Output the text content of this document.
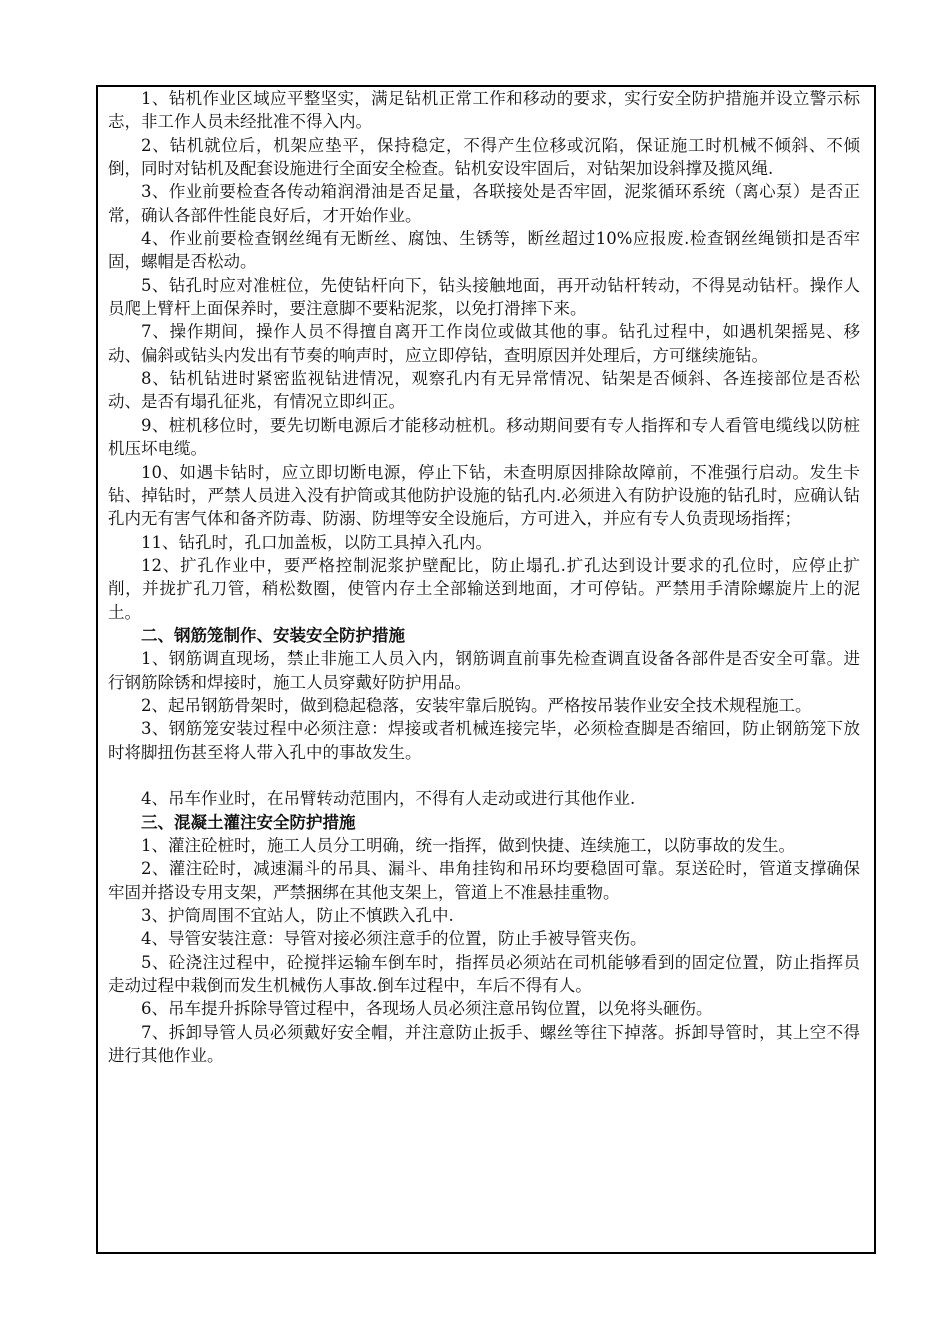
1、钻机作业区域应平整坚实，满足钻机正常工作和移动的要求，实行安全防护措施并设立警示标志，非工作人员未经批准不得入内。

2、钻机就位后，机架应垫平，保持稳定，不得产生位移或沉陷，保证施工时机械不倾斜、不倾倒，同时对钻机及配套设施进行全面安全检查。钻机安设牢固后，对钻架加设斜撑及揽风绳.

3、作业前要检查各传动箱润滑油是否足量，各联接处是否牢固，泥浆循环系统（离心泵）是否正常，确认各部件性能良好后，才开始作业。

4、作业前要检查钢丝绳有无断丝、腐蚀、生锈等，断丝超过10%应报废.检查钢丝绳锁扣是否牢固，螺帽是否松动。

5、钻孔时应对准桩位，先使钻杆向下，钻头接触地面，再开动钻杆转动，不得晃动钻杆。操作人员爬上臂杆上面保养时，要注意脚不要粘泥浆，以免打滑摔下来。

7、操作期间，操作人员不得擅自离开工作岗位或做其他的事。钻孔过程中，如遇机架摇晃、移动、偏斜或钻头内发出有节奏的响声时，应立即停钻，查明原因并处理后，方可继续施钻。

8、钻机钻进时紧密监视钻进情况，观察孔内有无异常情况、钻架是否倾斜、各连接部位是否松动、是否有塌孔征兆，有情况立即纠正。

9、桩机移位时，要先切断电源后才能移动桩机。移动期间要有专人指挥和专人看管电缆线以防桩机压坏电缆。

10、如遇卡钻时，应立即切断电源，停止下钻，未查明原因排除故障前，不准强行启动。发生卡钻、掉钻时，严禁人员进入没有护筒或其他防护设施的钻孔内.必须进入有防护设施的钻孔时，应确认钻孔内无有害气体和备齐防毒、防溺、防埋等安全设施后，方可进入，并应有专人负责现场指挥；

11、钻孔时，孔口加盖板，以防工具掉入孔内。

12、扩孔作业中，要严格控制泥浆护壁配比，防止塌孔.扩孔达到设计要求的孔位时，应停止扩削，并拢扩孔刀管，稍松数圈，使管内存土全部输送到地面，才可停钻。严禁用手清除螺旋片上的泥土。

二、钢筋笼制作、安装安全防护措施

1、钢筋调直现场，禁止非施工人员入内，钢筋调直前事先检查调直设备各部件是否安全可靠。进行钢筋除锈和焊接时，施工人员穿戴好防护用品。

2、起吊钢筋骨架时，做到稳起稳落，安装牢靠后脱钩。严格按吊装作业安全技术规程施工。

3、钢筋笼安装过程中必须注意：焊接或者机械连接完毕，必须检查脚是否缩回，防止钢筋笼下放时将脚扭伤甚至将人带入孔中的事故发生。

4、吊车作业时，在吊臂转动范围内，不得有人走动或进行其他作业.

三、混凝土灌注安全防护措施

1、灌注砼桩时，施工人员分工明确，统一指挥，做到快捷、连续施工，以防事故的发生。

2、灌注砼时，减速漏斗的吊具、漏斗、串角挂钩和吊环均要稳固可靠。泵送砼时，管道支撑确保牢固并搭设专用支架，严禁捆绑在其他支架上，管道上不准悬挂重物。

3、护筒周围不宜站人，防止不慎跌入孔中.

4、导管安装注意：导管对接必须注意手的位置，防止手被导管夹伤。

5、砼浇注过程中，砼搅拌运输车倒车时，指挥员必须站在司机能够看到的固定位置，防止指挥员走动过程中栽倒而发生机械伤人事故.倒车过程中，车后不得有人。

6、吊车提升拆除导管过程中，各现场人员必须注意吊钩位置，以免将头砸伤。

7、拆卸导管人员必须戴好安全帽，并注意防止扳手、螺丝等往下掉落。拆卸导管时，其上空不得进行其他作业。
